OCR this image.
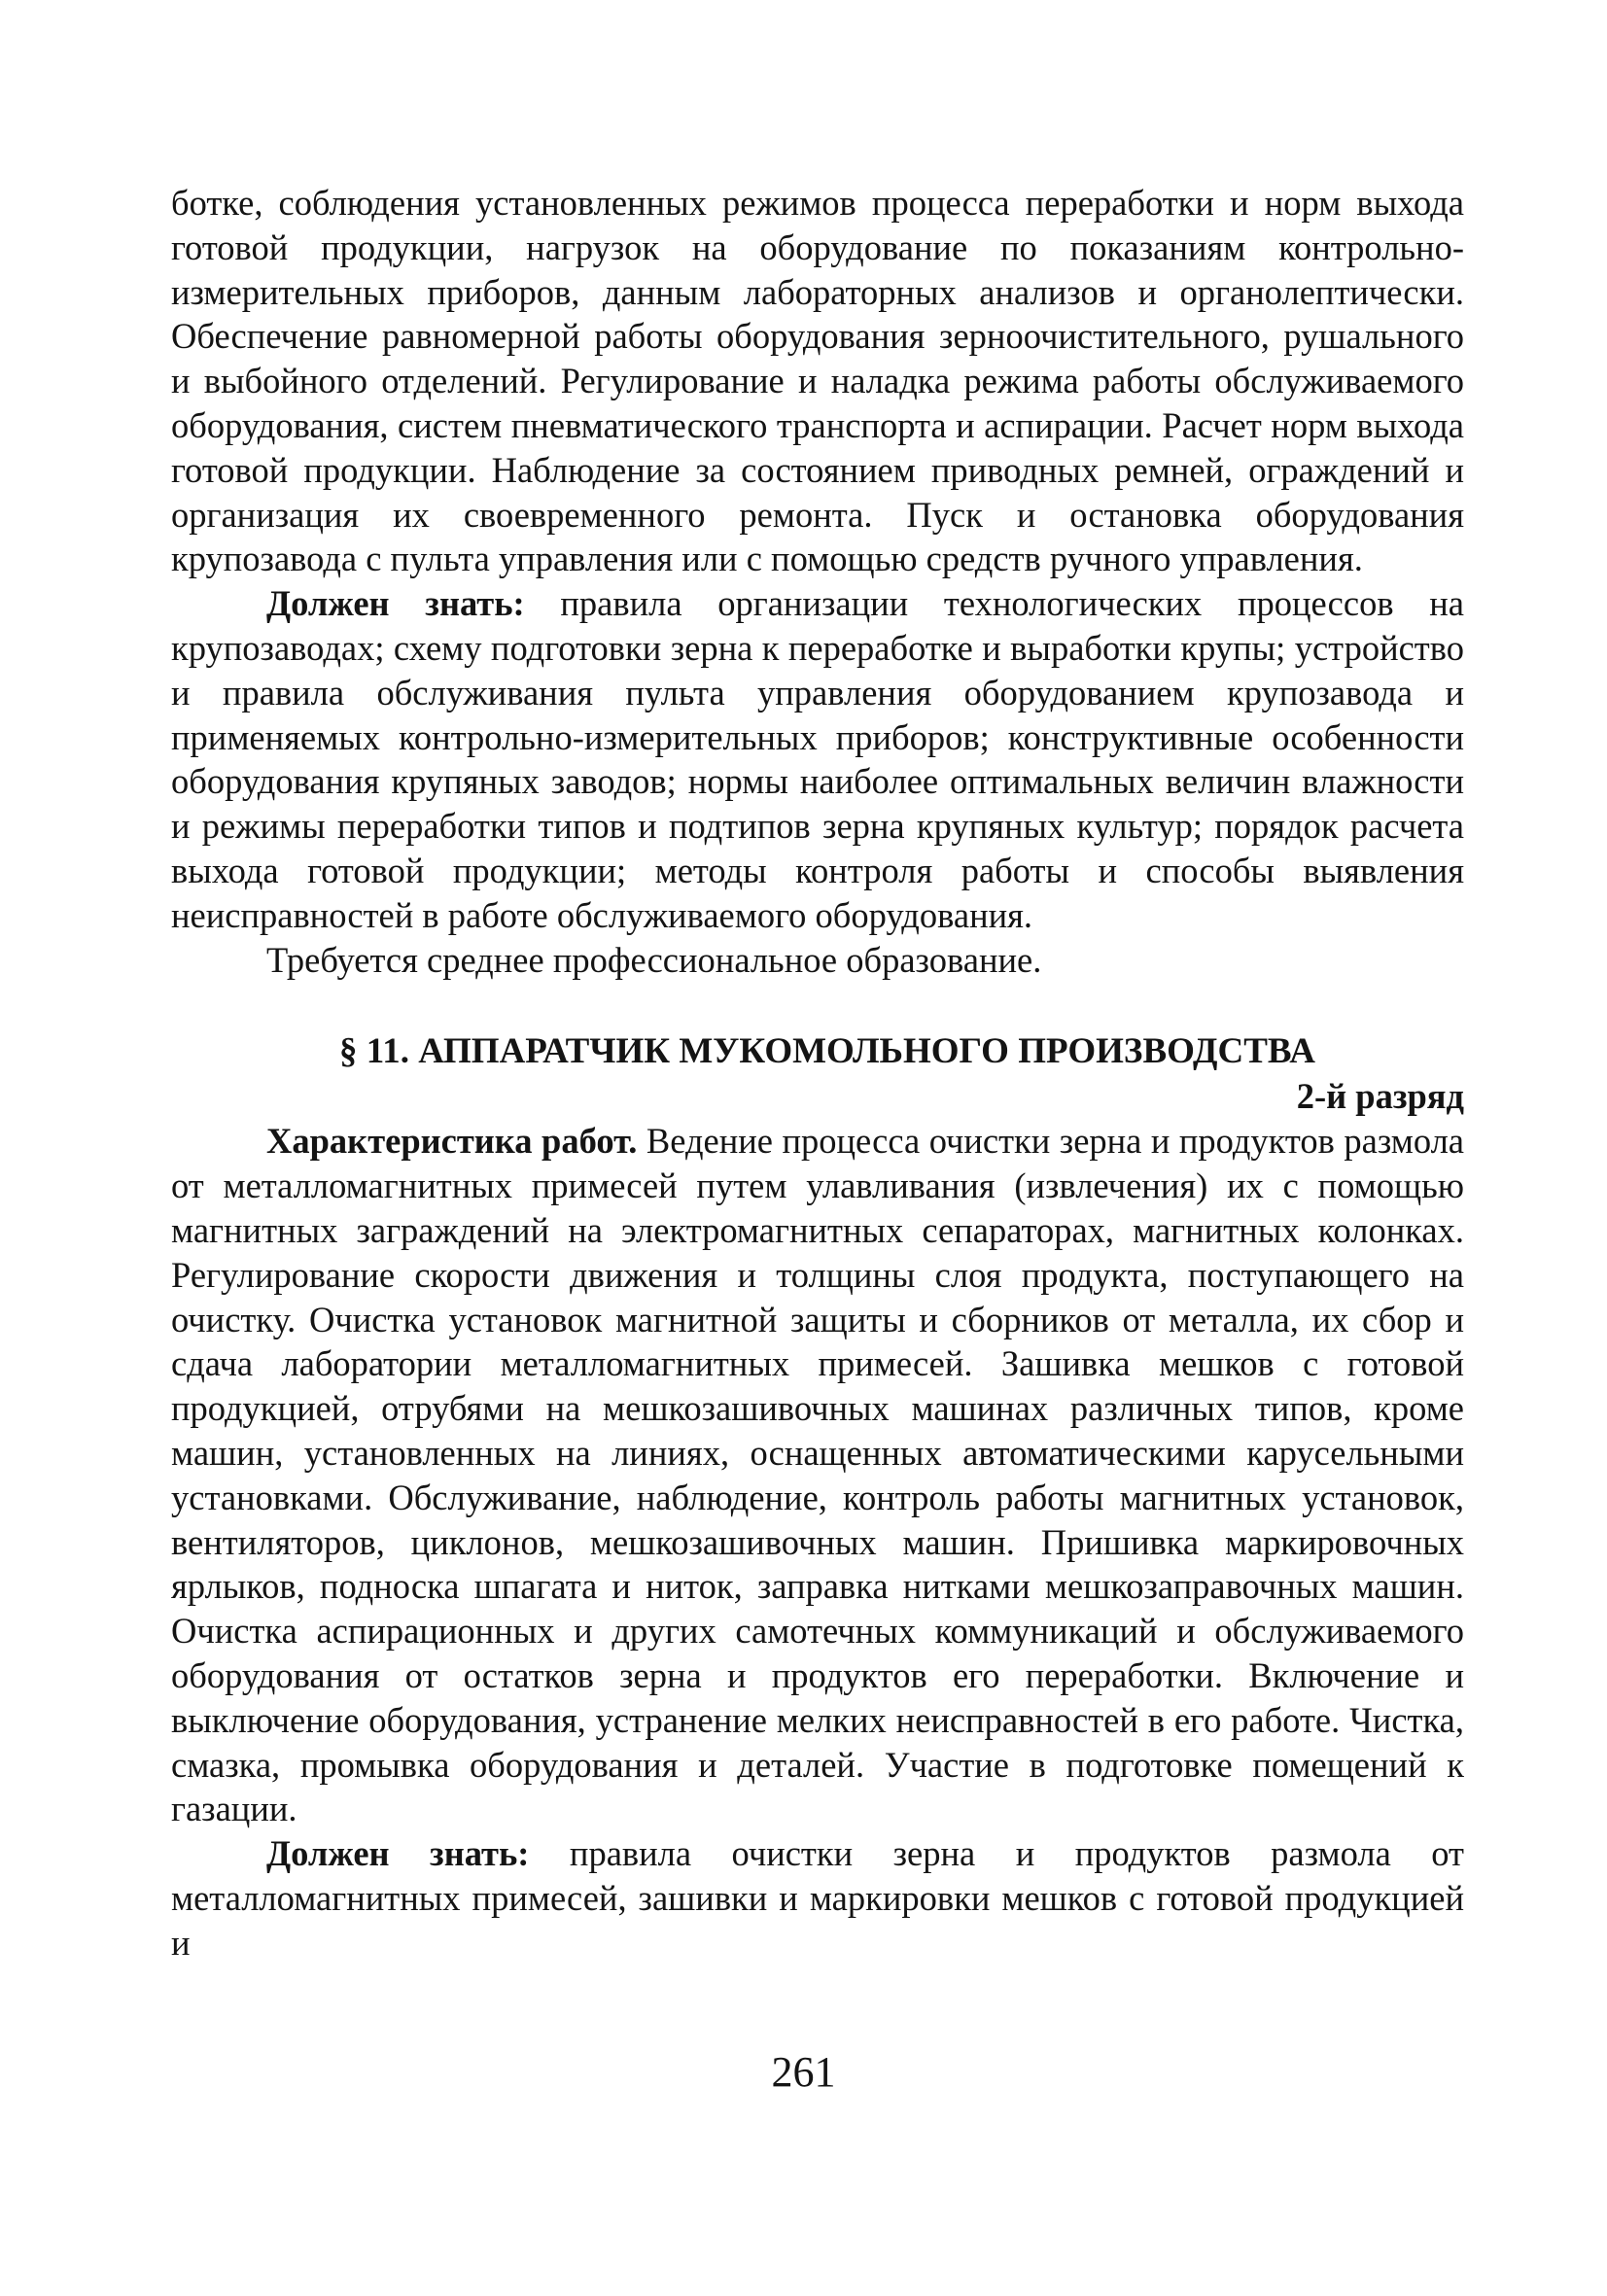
ботке, соблюдения установленных режимов процесса переработки и норм выхода готовой продукции, нагрузок на оборудование по показаниям контрольно-измерительных приборов, данным лабораторных анализов и органолептически. Обеспечение равномерной работы оборудования зерноочистительного, рушального и выбойного отделений. Регулирование и наладка режима работы обслуживаемого оборудования, систем пневматического транспорта и аспирации. Расчет норм выхода готовой продукции. Наблюдение за состоянием приводных ремней, ограждений и организация их своевременного ремонта. Пуск и остановка оборудования крупозавода с пульта управления или с помощью средств ручного управления.

Должен знать: правила организации технологических процессов на крупозаводах; схему подготовки зерна к переработке и выработки крупы; устройство и правила обслуживания пульта управления оборудованием крупозавода и применяемых контрольно-измерительных приборов; конструктивные особенности оборудования крупяных заводов; нормы наиболее оптимальных величин влажности и режимы переработки типов и подтипов зерна крупяных культур; порядок расчета выхода готовой продукции; методы контроля работы и способы выявления неисправностей в работе обслуживаемого оборудования.

Требуется среднее профессиональное образование.

§ 11. АППАРАТЧИК МУКОМОЛЬНОГО ПРОИЗВОДСТВА

2-й разряд

Характеристика работ. Ведение процесса очистки зерна и продуктов размола от металломагнитных примесей путем улавливания (извлечения) их с помощью магнитных заграждений на электромагнитных сепараторах, магнитных колонках. Регулирование скорости движения и толщины слоя продукта, поступающего на очистку. Очистка установок магнитной защиты и сборников от металла, их сбор и сдача лаборатории металломагнитных примесей. Зашивка мешков с готовой продукцией, отрубями на мешкозашивочных машинах различных типов, кроме машин, установленных на линиях, оснащенных автоматическими карусельными установками. Обслуживание, наблюдение, контроль работы магнитных установок, вентиляторов, циклонов, мешкозашивочных машин. Пришивка маркировочных ярлыков, подноска шпагата и ниток, заправка нитками мешкозаправочных машин. Очистка аспирационных и других самотечных коммуникаций и обслуживаемого оборудования от остатков зерна и продуктов его переработки. Включение и выключение оборудования, устранение мелких неисправностей в его работе. Чистка, смазка, промывка оборудования и деталей. Участие в подготовке помещений к газации.

Должен знать: правила очистки зерна и продуктов размола от металломагнитных примесей, зашивки и маркировки мешков с готовой продукцией и

261
